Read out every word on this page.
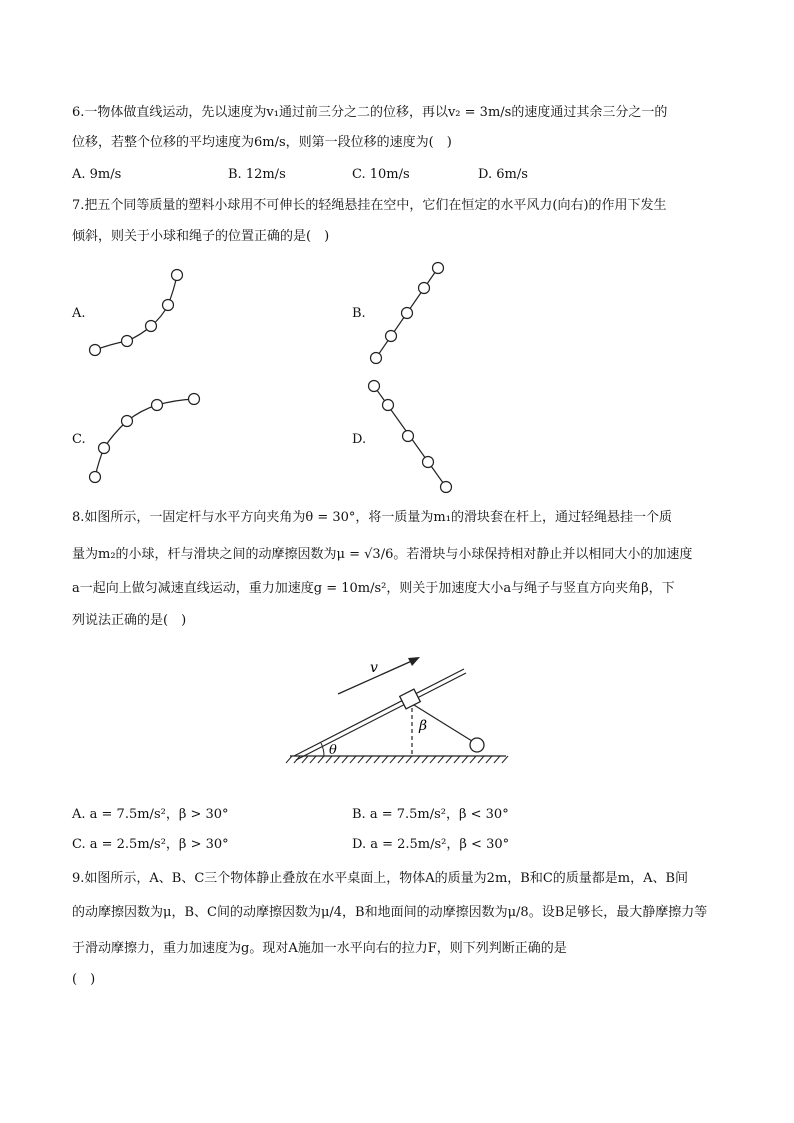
6.一物体做直线运动，先以速度为v₁通过前三分之二的位移，再以v₂ = 3m/s的速度通过其余三分之一的
位移，若整个位移的平均速度为6m/s，则第一段位移的速度为(　)
A. 9m/s	B. 12m/s	C. 10m/s	D. 6m/s
7.把五个同等质量的塑料小球用不可伸长的轻绳悬挂在空中，它们在恒定的水平风力(向右)的作用下发生
倾斜，则关于小球和绳子的位置正确的是(　)
A.	B.
C.	D.
8.如图所示，一固定杆与水平方向夹角为θ = 30°，将一质量为m₁的滑块套在杆上，通过轻绳悬挂一个质
量为m₂的小球，杆与滑块之间的动摩擦因数为μ = √3/6。若滑块与小球保持相对静止并以相同大小的加速度
a一起向上做匀减速直线运动，重力加速度g = 10m/s²，则关于加速度大小a与绳子与竖直方向夹角β，下
列说法正确的是(　)
v
β
θ
A. a = 7.5m/s²，β > 30°	B. a = 7.5m/s²，β < 30°
C. a = 2.5m/s²，β > 30°	D. a = 2.5m/s²，β < 30°
9.如图所示，A、B、C三个物体静止叠放在水平桌面上，物体A的质量为2m，B和C的质量都是m，A、B间
的动摩擦因数为μ，B、C间的动摩擦因数为μ/4，B和地面间的动摩擦因数为μ/8。设B足够长，最大静摩擦力等
于滑动摩擦力，重力加速度为g。现对A施加一水平向右的拉力F，则下列判断正确的是
(　)
